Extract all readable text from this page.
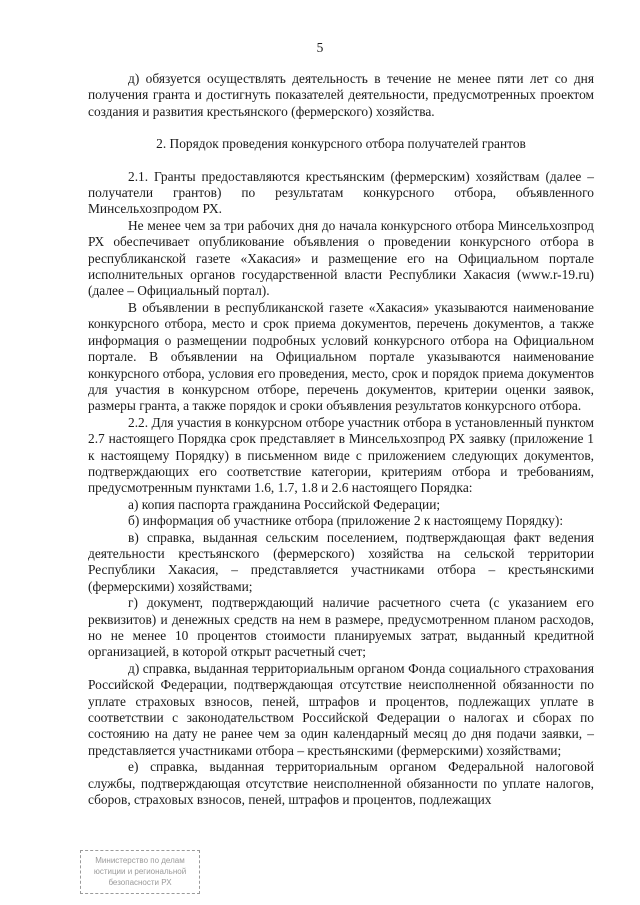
5

д) обязуется осуществлять деятельность в течение не менее пяти лет со дня получения гранта и достигнуть показателей деятельности, предусмотренных проектом создания и развития крестьянского (фермерского) хозяйства.

2. Порядок проведения конкурсного отбора получателей грантов

2.1. Гранты предоставляются крестьянским (фермерским) хозяйствам (далее – получатели грантов) по результатам конкурсного отбора, объявленного Минсельхозпродом РХ.

Не менее чем за три рабочих дня до начала конкурсного отбора Минсельхозпрод РХ обеспечивает опубликование объявления о проведении конкурсного отбора в республиканской газете «Хакасия» и размещение его на Официальном портале исполнительных органов государственной власти Республики Хакасия (www.r-19.ru) (далее – Официальный портал).

В объявлении в республиканской газете «Хакасия» указываются наименование конкурсного отбора, место и срок приема документов, перечень документов, а также информация о размещении подробных условий конкурсного отбора на Официальном портале. В объявлении на Официальном портале указываются наименование конкурсного отбора, условия его проведения, место, срок и порядок приема документов для участия в конкурсном отборе, перечень документов, критерии оценки заявок, размеры гранта, а также порядок и сроки объявления результатов конкурсного отбора.

2.2. Для участия в конкурсном отборе участник отбора в установленный пунктом 2.7 настоящего Порядка срок представляет в Минсельхозпрод РХ заявку (приложение 1 к настоящему Порядку) в письменном виде с приложением следующих документов, подтверждающих его соответствие категории, критериям отбора и требованиям, предусмотренным пунктами 1.6, 1.7, 1.8 и 2.6 настоящего Порядка:

а) копия паспорта гражданина Российской Федерации;

б) информация об участнике отбора (приложение 2 к настоящему Порядку):

в) справка, выданная сельским поселением, подтверждающая факт ведения деятельности крестьянского (фермерского) хозяйства на сельской территории Республики Хакасия, – представляется участниками отбора – крестьянскими (фермерскими) хозяйствами;

г) документ, подтверждающий наличие расчетного счета (с указанием его реквизитов) и денежных средств на нем в размере, предусмотренном планом расходов, но не менее 10 процентов стоимости планируемых затрат, выданный кредитной организацией, в которой открыт расчетный счет;

д) справка, выданная территориальным органом Фонда социального страхования Российской Федерации, подтверждающая отсутствие неисполненной обязанности по уплате страховых взносов, пеней, штрафов и процентов, подлежащих уплате в соответствии с законодательством Российской Федерации о налогах и сборах по состоянию на дату не ранее чем за один календарный месяц до дня подачи заявки, – представляется участниками отбора – крестьянскими (фермерскими) хозяйствами;

е) справка, выданная территориальным органом Федеральной налоговой службы, подтверждающая отсутствие неисполненной обязанности по уплате налогов, сборов, страховых взносов, пеней, штрафов и процентов, подлежащих

Министерство по делам
юстиции и региональной
безопасности РХ
